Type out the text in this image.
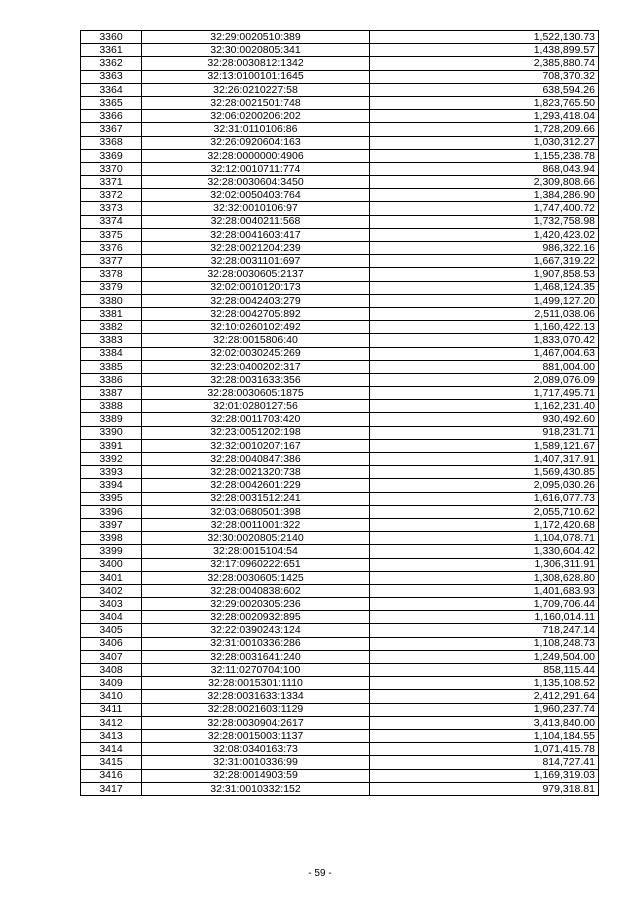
3360	32:29:0020510:389	1,522,130.73
3361	32:30:0020805:341	1,438,899.57
3362	32:28:0030812:1342	2,385,880.74
3363	32:13:0100101:1645	708,370.32
3364	32:26:0210227:58	638,594.26
3365	32:28:0021501:748	1,823,765.50
3366	32:06:0200206:202	1,293,418.04
3367	32:31:0110106:86	1,728,209.66
3368	32:26:0920604:163	1,030,312.27
3369	32:28:0000000:4906	1,155,238.78
3370	32:12:0010711:774	868,043.94
3371	32:28:0030604:3450	2,309,808.66
3372	32:02:0050403:764	1,384,286.90
3373	32:32:0010106:97	1,747,400.72
3374	32:28:0040211:568	1,732,758.98
3375	32:28:0041603:417	1,420,423.02
3376	32:28:0021204:239	986,322.16
3377	32:28:0031101:697	1,667,319.22
3378	32:28:0030605:2137	1,907,858.53
3379	32:02:0010120:173	1,468,124.35
3380	32:28:0042403:279	1,499,127.20
3381	32:28:0042705:892	2,511,038.06
3382	32:10:0260102:492	1,160,422.13
3383	32:28:0015806:40	1,833,070.42
3384	32:02:0030245:269	1,467,004.63
3385	32:23:0400202:317	881,004.00
3386	32:28:0031633:356	2,089,076.09
3387	32:28:0030605:1875	1,717,495.71
3388	32:01:0280127:56	1,162,231.40
3389	32:28:0011703:420	930,492.60
3390	32:23:0051202:198	918,231.71
3391	32:32:0010207:167	1,589,121.67
3392	32:28:0040847:386	1,407,317.91
3393	32:28:0021320:738	1,569,430.85
3394	32:28:0042601:229	2,095,030.26
3395	32:28:0031512:241	1,616,077.73
3396	32:03:0680501:398	2,055,710.62
3397	32:28:0011001:322	1,172,420.68
3398	32:30:0020805:2140	1,104,078.71
3399	32:28:0015104:54	1,330,604.42
3400	32:17:0960222:651	1,306,311.91
3401	32:28:0030605:1425	1,308,628.80
3402	32:28:0040838:602	1,401,683.93
3403	32:29:0020305:236	1,709,706.44
3404	32:28:0020932:895	1,160,014.11
3405	32:22:0390243:124	718,247.14
3406	32:31:0010336:286	1,108,248.73
3407	32:28:0031641:240	1,249,504.00
3408	32:11:0270704:100	858,115.44
3409	32:28:0015301:1110	1,135,108.52
3410	32:28:0031633:1334	2,412,291.64
3411	32:28:0021603:1129	1,960,237.74
3412	32:28:0030904:2617	3,413,840.00
3413	32:28:0015003:1137	1,104,184.55
3414	32:08:0340163:73	1,071,415.78
3415	32:31:0010336:99	814,727.41
3416	32:28:0014903:59	1,169,319.03
3417	32:31:0010332:152	979,318.81
- 59 -
